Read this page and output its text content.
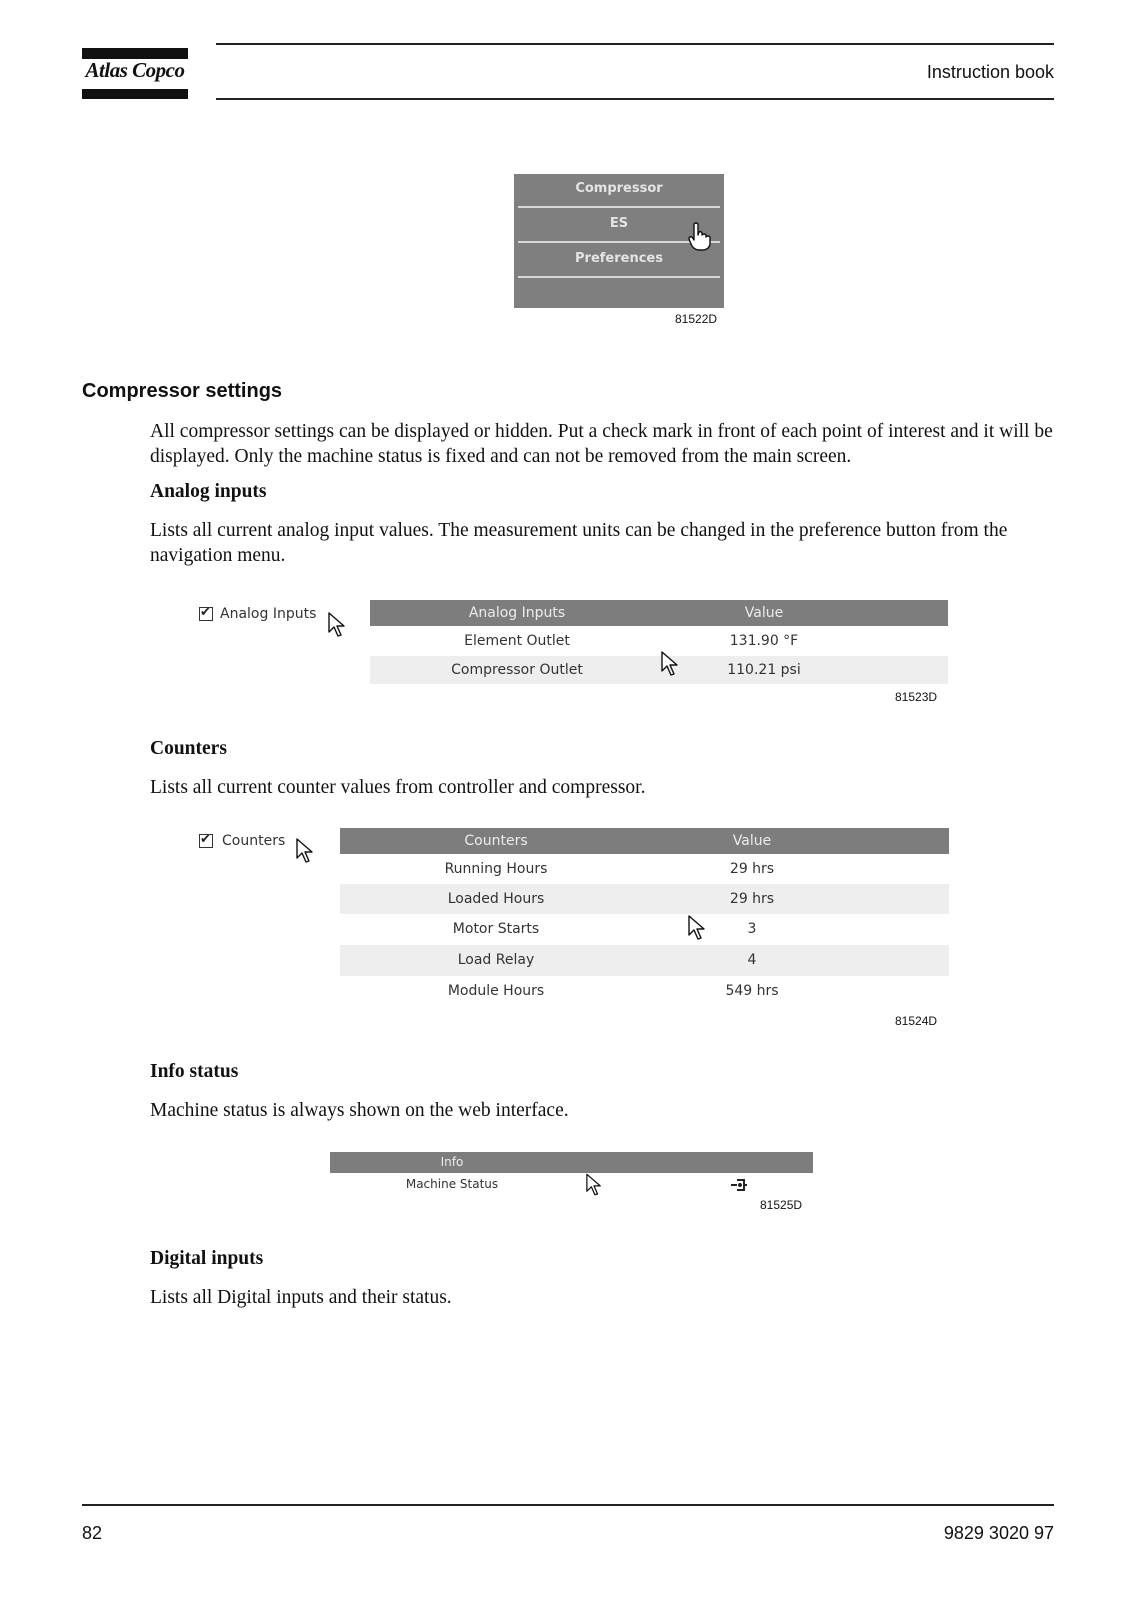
Atlas Copco	Instruction book
Compressor
ES
Preferences
81522D
Compressor settings

All compressor settings can be displayed or hidden. Put a check mark in front of each point of interest and it will be displayed. Only the machine status is fixed and can not be removed from the main screen.

Analog inputs

Lists all current analog input values. The measurement units can be changed in the preference button from the navigation menu.

✔ Analog Inputs	Analog Inputs	Value
Element Outlet	131.90 °F
Compressor Outlet	110.21 psi
81523D

Counters

Lists all current counter values from controller and compressor.

✔ Counters	Counters	Value
Running Hours	29 hrs
Loaded Hours	29 hrs
Motor Starts	3
Load Relay	4
Module Hours	549 hrs
81524D

Info status

Machine status is always shown on the web interface.

Info
Machine Status
81525D

Digital inputs

Lists all Digital inputs and their status.

82	9829 3020 97
